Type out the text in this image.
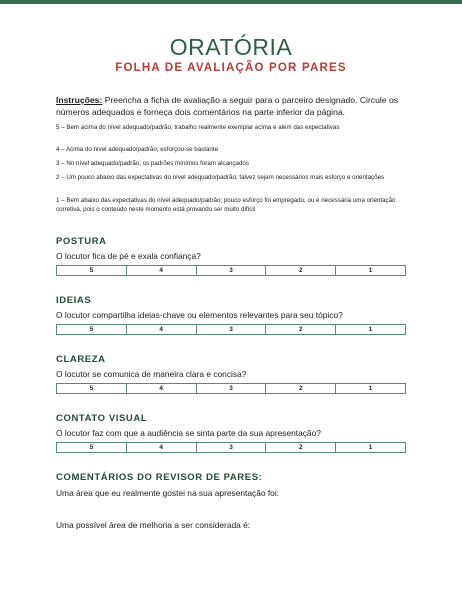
ORATÓRIA
FOLHA DE AVALIAÇÃO POR PARES
Instruções: Preencha a ficha de avaliação a seguir para o parceiro designado. Circule os números adequados e forneça dois comentários na parte inferior da página.
5 – Bem acima do nível adequado/padrão; trabalho realmente exemplar acima e além das expectativas
4 – Acima do nível adequado/padrão; esforçou-se bastante
3 – No nível adequado/padrão; os padrões mínimos foram alcançados
2 – Um pouco abaixo das expectativas do nível adequado/padrão; talvez sejam necessários mais esforço e orientações
1 – Bem abaixo das expectativas do nível adequado/padrão; pouco esforço foi empregado, ou é necessária uma orientação corretiva, pois o conteúdo neste momento está provando ser muito difícil
POSTURA
O locutor fica de pé e exala confiança?
5	4	3	2	1
IDEIAS
O locutor compartilha ideias-chave ou elementos relevantes para seu tópico?
5	4	3	2	1
CLAREZA
O locutor se comunica de maneira clara e concisa?
5	4	3	2	1
CONTATO VISUAL
O locutor faz com que a audiência se sinta parte da sua apresentação?
5	4	3	2	1
COMENTÁRIOS DO REVISOR DE PARES:
Uma área que eu realmente gostei na sua apresentação foi:
Uma possível área de melhoria a ser considerada é:
